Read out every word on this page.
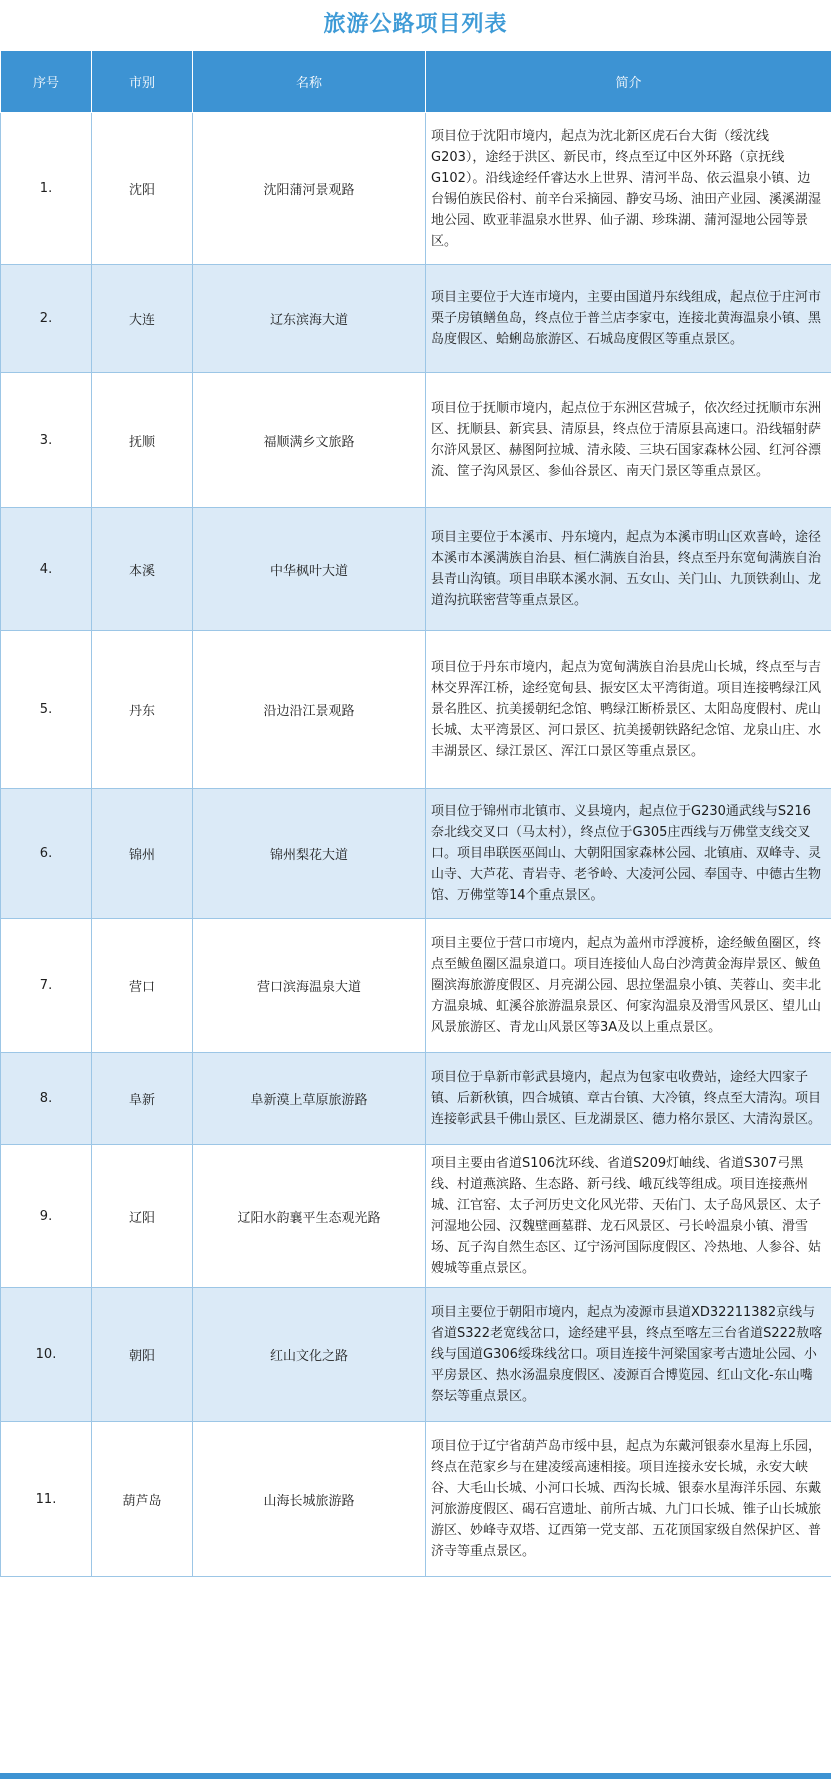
旅游公路项目列表
序号	市别	名称	简介
1.	沈阳	沈阳蒲河景观路	项目位于沈阳市境内，起点为沈北新区虎石台大街（绥沈线G203），途经于洪区、新民市，终点至辽中区外环路（京抚线G102）。沿线途经仟睿达水上世界、清河半岛、依云温泉小镇、边台锡伯族民俗村、前辛台采摘园、静安马场、油田产业园、溪溪湖湿地公园、欧亚菲温泉水世界、仙子湖、珍珠湖、蒲河湿地公园等景区。
2.	大连	辽东滨海大道	项目主要位于大连市境内，主要由国道丹东线组成，起点位于庄河市栗子房镇鳝鱼岛，终点位于普兰店李家屯，连接北黄海温泉小镇、黑岛度假区、蛤蜊岛旅游区、石城岛度假区等重点景区。
3.	抚顺	福顺满乡文旅路	项目位于抚顺市境内，起点位于东洲区营城子，依次经过抚顺市东洲区、抚顺县、新宾县、清原县，终点位于清原县高速口。沿线辐射萨尔浒风景区、赫图阿拉城、清永陵、三块石国家森林公园、红河谷漂流、筐子沟风景区、参仙谷景区、南天门景区等重点景区。
4.	本溪	中华枫叶大道	项目主要位于本溪市、丹东境内，起点为本溪市明山区欢喜岭，途径本溪市本溪满族自治县、桓仁满族自治县，终点至丹东宽甸满族自治县青山沟镇。项目串联本溪水洞、五女山、关门山、九顶铁刹山、龙道沟抗联密营等重点景区。
5.	丹东	沿边沿江景观路	项目位于丹东市境内，起点为宽甸满族自治县虎山长城，终点至与吉林交界浑江桥，途经宽甸县、振安区太平湾街道。项目连接鸭绿江风景名胜区、抗美援朝纪念馆、鸭绿江断桥景区、太阳岛度假村、虎山长城、太平湾景区、河口景区、抗美援朝铁路纪念馆、龙泉山庄、水丰湖景区、绿江景区、浑江口景区等重点景区。
6.	锦州	锦州梨花大道	项目位于锦州市北镇市、义县境内，起点位于G230通武线与S216奈北线交叉口（马太村），终点位于G305庄西线与万佛堂支线交叉口。项目串联医巫闾山、大朝阳国家森林公园、北镇庙、双峰寺、灵山寺、大芦花、青岩寺、老爷岭、大凌河公园、奉国寺、中德古生物馆、万佛堂等14个重点景区。
7.	营口	营口滨海温泉大道	项目主要位于营口市境内，起点为盖州市浮渡桥，途经鲅鱼圈区，终点至鲅鱼圈区温泉道口。项目连接仙人岛白沙湾黄金海岸景区、鲅鱼圈滨海旅游度假区、月亮湖公园、思拉堡温泉小镇、芙蓉山、奕丰北方温泉城、虹溪谷旅游温泉景区、何家沟温泉及滑雪风景区、望儿山风景旅游区、青龙山风景区等3A及以上重点景区。
8.	阜新	阜新漠上草原旅游路	项目位于阜新市彰武县境内，起点为包家屯收费站，途经大四家子镇、后新秋镇，四合城镇、章古台镇、大冷镇，终点至大清沟。项目连接彰武县千佛山景区、巨龙湖景区、德力格尔景区、大清沟景区。
9.	辽阳	辽阳水韵襄平生态观光路	项目主要由省道S106沈环线、省道S209灯岫线、省道S307弓黑线、村道燕滨路、生态路、新弓线、峨瓦线等组成。项目连接燕州城、江官窑、太子河历史文化风光带、天佑门、太子岛风景区、太子河湿地公园、汉魏壁画墓群、龙石风景区、弓长岭温泉小镇、滑雪场、瓦子沟自然生态区、辽宁汤河国际度假区、冷热地、人参谷、姑嫂城等重点景区。
10.	朝阳	红山文化之路	项目主要位于朝阳市境内，起点为凌源市县道XD32211382京线与省道S322老宽线岔口，途经建平县，终点至喀左三台省道S222敖喀线与国道G306绥珠线岔口。项目连接牛河梁国家考古遗址公园、小平房景区、热水汤温泉度假区、凌源百合博览园、红山文化-东山嘴祭坛等重点景区。
11.	葫芦岛	山海长城旅游路	项目位于辽宁省葫芦岛市绥中县，起点为东戴河银泰水星海上乐园，终点在范家乡与在建凌绥高速相接。项目连接永安长城，永安大峡谷、大毛山长城、小河口长城、西沟长城、银泰水星海洋乐园、东戴河旅游度假区、碣石宫遗址、前所古城、九门口长城、锥子山长城旅游区、妙峰寺双塔、辽西第一党支部、五花顶国家级自然保护区、普济寺等重点景区。
